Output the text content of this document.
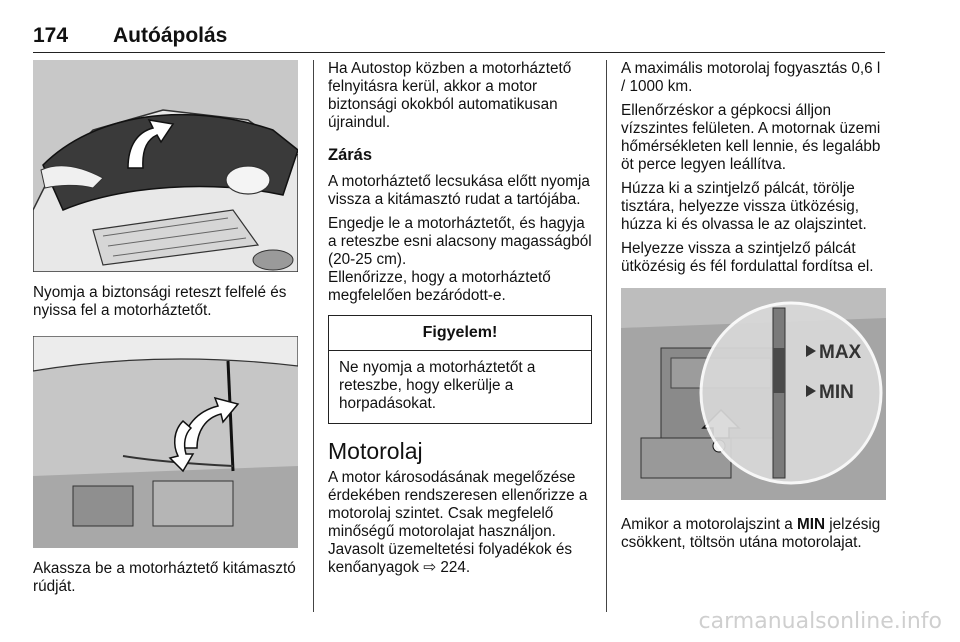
174 Autóápolás

Nyomja a biztonsági reteszt felfelé és nyissa fel a motorháztetőt.

Akassza be a motorháztető kitámasztó rúdját.

Ha Autostop közben a motorháztető felnyitásra kerül, akkor a motor biztonsági okokból automatikusan újraindul.

Zárás

A motorháztető lecsukása előtt nyomja vissza a kitámasztó rudat a tartójába.

Engedje le a motorháztetőt, és hagyja a reteszbe esni alacsony magasságból (20-25 cm).

Ellenőrizze, hogy a motorháztető megfelelően bezáródott-e.

Figyelem!

Ne nyomja a motorháztetőt a reteszbe, hogy elkerülje a horpadásokat.

Motorolaj

A motor károsodásának megelőzése érdekében rendszeresen ellenőrizze a motorolaj szintet. Csak megfelelő minőségű motorolajat használjon. Javasolt üzemeltetési folyadékok és kenőanyagok ⇨ 224.

A maximális motorolaj fogyasztás 0,6 l / 1000 km.

Ellenőrzéskor a gépkocsi álljon vízszintes felületen. A motornak üzemi hőmérsékleten kell lennie, és legalább öt perce legyen leállítva.

Húzza ki a szintjelző pálcát, törölje tisztára, helyezze vissza ütközésig, húzza ki és olvassa le az olajszintet.

Helyezze vissza a szintjelző pálcát ütközésig és fél fordulattal fordítsa el.

MAX
MIN

Amikor a motorolajszint a MIN jelzésig csökkent, töltsön utána motorolajat.

carmanualsonline.info
